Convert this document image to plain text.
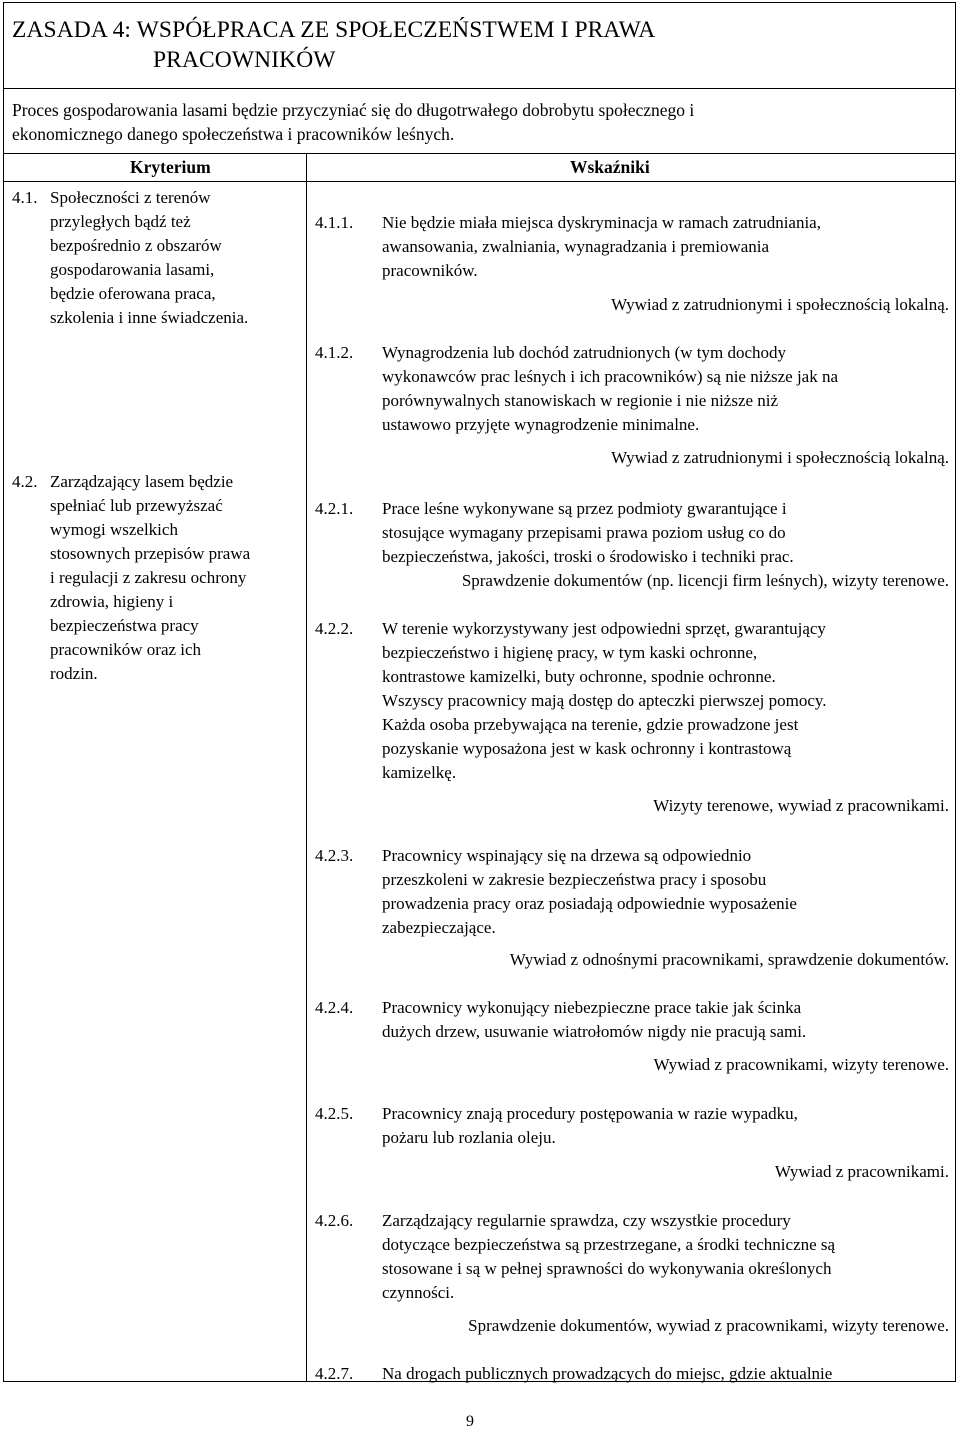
ZASADA 4: WSPÓŁPRACA ZE SPOŁECZEŃSTWEM I PRAWA
PRACOWNIKÓW
Proces gospodarowania lasami będzie przyczyniać się do długotrwałego dobrobytu społecznego i
ekonomicznego danego społeczeństwa i pracowników leśnych.
Kryterium	Wskaźniki
4.1. Społeczności z terenów
przyległych bądź też
bezpośrednio z obszarów
gospodarowania lasami,
będzie oferowana praca,
szkolenia i inne świadczenia.
4.2. Zarządzający lasem będzie
spełniać lub przewyższać
wymogi wszelkich
stosownych przepisów prawa
i regulacji z zakresu ochrony
zdrowia, higieny i
bezpieczeństwa pracy
pracowników oraz ich
rodzin.
4.1.1. Nie będzie miała miejsca dyskryminacja w ramach zatrudniania,
awansowania, zwalniania, wynagradzania i premiowania
pracowników.
Wywiad z zatrudnionymi i społecznością lokalną.
4.1.2. Wynagrodzenia lub dochód zatrudnionych (w tym dochody
wykonawców prac leśnych i ich pracowników) są nie niższe jak na
porównywalnych stanowiskach w regionie i nie niższe niż
ustawowo przyjęte wynagrodzenie minimalne.
Wywiad z zatrudnionymi i społecznością lokalną.
4.2.1. Prace leśne wykonywane są przez podmioty gwarantujące i
stosujące wymagany przepisami prawa poziom usług co do
bezpieczeństwa, jakości, troski o środowisko i techniki prac.
Sprawdzenie dokumentów (np. licencji firm leśnych), wizyty terenowe.
4.2.2. W terenie wykorzystywany jest odpowiedni sprzęt, gwarantujący
bezpieczeństwo i higienę pracy, w tym kaski ochronne,
kontrastowe kamizelki, buty ochronne, spodnie ochronne.
Wszyscy pracownicy mają dostęp do apteczki pierwszej pomocy.
Każda osoba przebywająca na terenie, gdzie prowadzone jest
pozyskanie wyposażona jest w kask ochronny i kontrastową
kamizelkę.
Wizyty terenowe, wywiad z pracownikami.
4.2.3. Pracownicy wspinający się na drzewa są odpowiednio
przeszkoleni w zakresie bezpieczeństwa pracy i sposobu
prowadzenia pracy oraz posiadają odpowiednie wyposażenie
zabezpieczające.
Wywiad z odnośnymi pracownikami, sprawdzenie dokumentów.
4.2.4. Pracownicy wykonujący niebezpieczne prace takie jak ścinka
dużych drzew, usuwanie wiatrołomów nigdy nie pracują sami.
Wywiad z pracownikami, wizyty terenowe.
4.2.5. Pracownicy znają procedury postępowania w razie wypadku,
pożaru lub rozlania oleju.
Wywiad z pracownikami.
4.2.6. Zarządzający regularnie sprawdza, czy wszystkie procedury
dotyczące bezpieczeństwa są przestrzegane, a środki techniczne są
stosowane i są w pełnej sprawności do wykonywania określonych
czynności.
Sprawdzenie dokumentów, wywiad z pracownikami, wizyty terenowe.
4.2.7. Na drogach publicznych prowadzących do miejsc, gdzie aktualnie
9
